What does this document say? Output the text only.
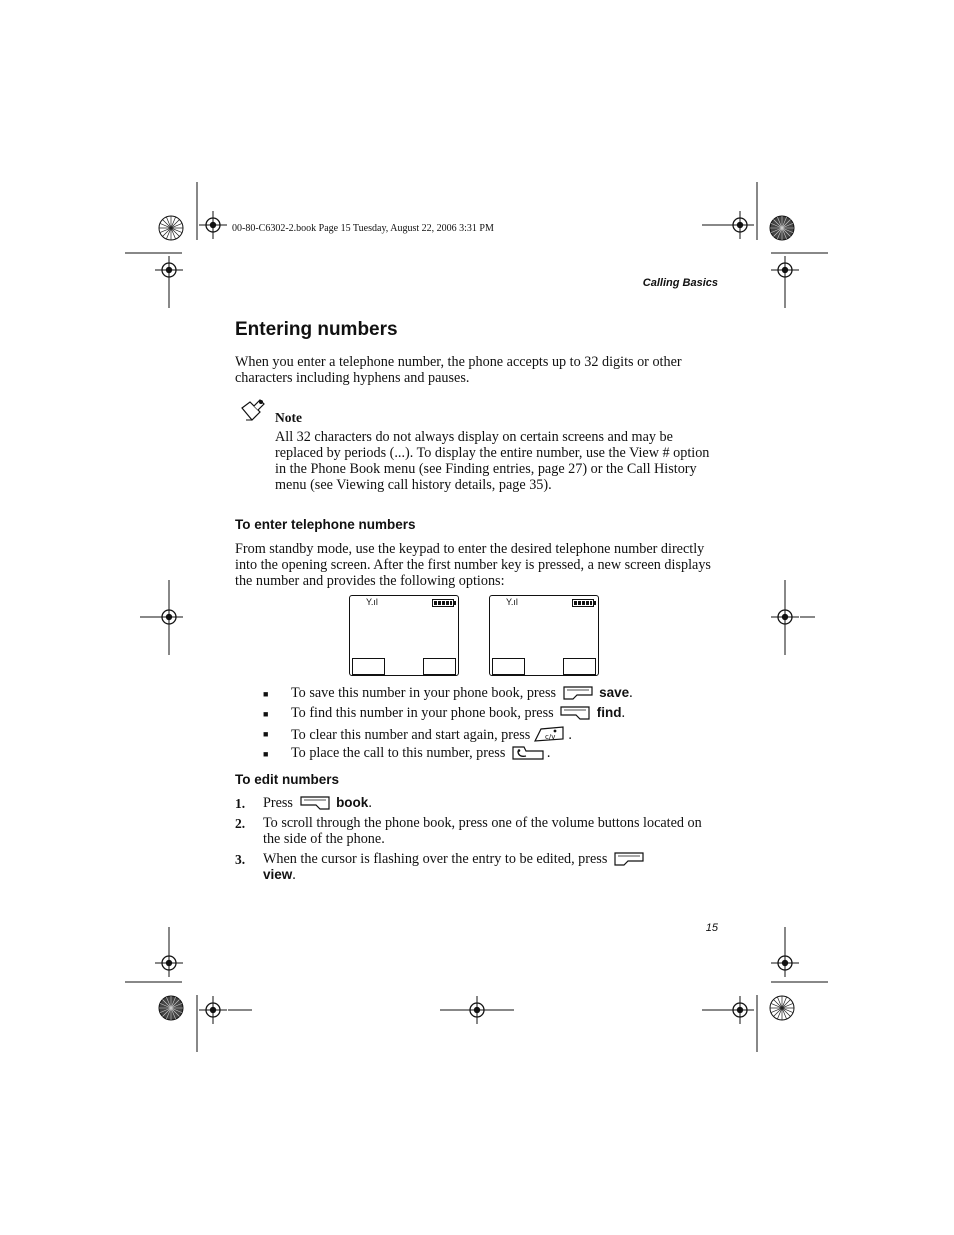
00-80-C6302-2.book Page 15 Tuesday, August 22, 2006 3:31 PM
Calling Basics
Entering numbers
When you enter a telephone number, the phone accepts up to 32 digits or other characters including hyphens and pauses.
Note
All 32 characters do not always display on certain screens and may be replaced by periods (...). To display the entire number, use the View # option in the Phone Book menu (see Finding entries, page 27) or the Call History menu (see Viewing call history details, page 35).
To enter telephone numbers
From standby mode, use the keypad to enter the desired telephone number directly into the opening screen. After the first number key is pressed, a new screen displays the number and provides the following options:
Y.ıl	Y.ıl
■ To save this number in your phone book, press	save.
■ To find this number in your phone book, press	find.
■ To clear this number and start again, press c/v .
■ To place the call to this number, press	.
To edit numbers
1. Press	book.
2. To scroll through the phone book, press one of the volume buttons located on the side of the phone.
3. When the cursor is flashing over the entry to be edited, press
view.
15
